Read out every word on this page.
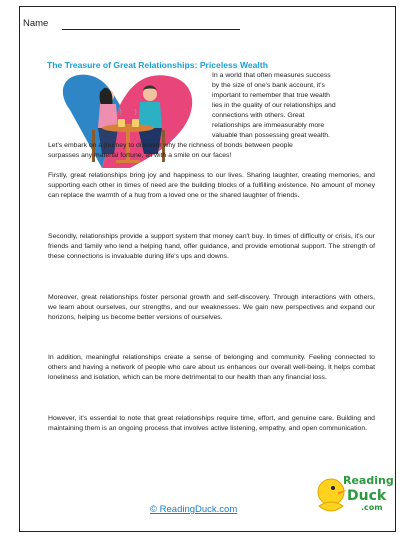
Name
The Treasure of Great Relationships: Priceless Wealth
In a world that often measures success
by the size of one's bank account, it's
important to remember that true wealth
lies in the quality of our relationships and
connections with others. Great
relationships are immeasurably more
valuable than possessing great wealth.
Let's embark on a journey to discover why the richness of bonds between people
surpasses any material fortune, all with a smile on our faces!
Firstly, great relationships bring joy and happiness to our lives. Sharing laughter, creating memories, and supporting each other in times of need are the building blocks of a fulfilling existence. No amount of money can replace the warmth of a hug from a loved one or the shared laughter of friends.
Secondly, relationships provide a support system that money can't buy. In times of difficulty or crisis, it's our friends and family who lend a helping hand, offer guidance, and provide emotional support. The strength of these connections is invaluable during life's ups and downs.
Moreover, great relationships foster personal growth and self-discovery. Through interactions with others, we learn about ourselves, our strengths, and our weaknesses. We gain new perspectives and expand our horizons, helping us become better versions of ourselves.
In addition, meaningful relationships create a sense of belonging and community. Feeling connected to others and having a network of people who care about us enhances our overall well-being. It helps combat loneliness and isolation, which can be more detrimental to our health than any financial loss.
However, it's essential to note that great relationships require time, effort, and genuine care. Building and maintaining them is an ongoing process that involves active listening, empathy, and open communication.
© ReadingDuck.com
Reading
Duck
.com
